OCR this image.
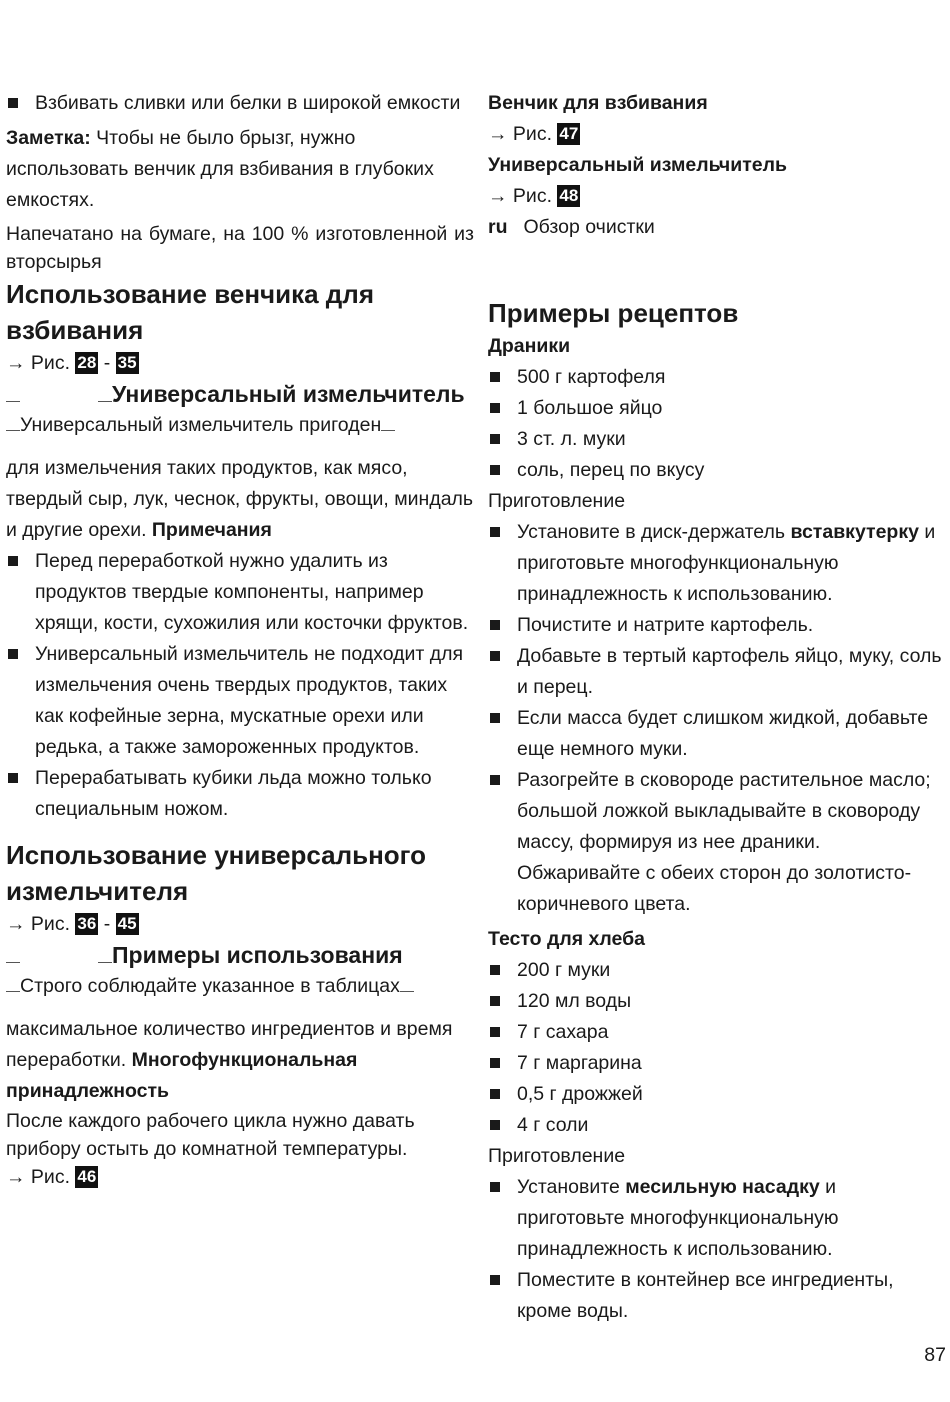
Взбивать сливки или белки в широкой емкости

Заметка: Чтобы не было брызг, нужно использовать венчик для взбивания в глубоких емкостях.

Напечатано на бумаге, на 100 % изготовленной из вторсырья

Использование венчика для взбивания

→ Рис. 28 - 35

Универсальный измельчитель

Универсальный измельчитель пригоден

для измельчения таких продуктов, как мясо, твердый сыр, лук, чеснок, фрукты, овощи, миндаль и другие орехи. Примечания

Перед переработкой нужно удалить из продуктов твердые компоненты, например хрящи, кости, сухожилия или косточки фруктов.
Универсальный измельчитель не подходит для измельчения очень твердых продуктов, таких как кофейные зерна, мускатные орехи или редька, а также замороженных продуктов.
Перерабатывать кубики льда можно только специальным ножом.
Использование универсального измельчителя

→ Рис. 36 - 45

Примеры использования

Строго соблюдайте указанное в таблицах

максимальное количество ингредиентов и время переработки. Многофункциональная принадлежность

После каждого рабочего цикла нужно давать прибору остыть до комнатной температуры.

→ Рис. 46

Венчик для взбивания

→ Рис. 47

Универсальный измельчитель

→ Рис. 48

ru Обзор очистки

Примеры рецептов

Драники

500 г картофеля
1 большое яйцо
3 ст. л. муки
соль, перец по вкусу

Приготовление

Установите в диск-держатель вставкутерку и приготовьте многофункциональную принадлежность к использованию.
Почистите и натрите картофель.
Добавьте в тертый картофель яйцо, муку, соль и перец.
Если масса будет слишком жидкой, добавьте еще немного муки.
Разогрейте в сковороде растительное масло; большой ложкой выкладывайте в сковороду массу, формируя из нее драники. Обжаривайте с обеих сторон до золотисто-коричневого цвета.

Тесто для хлеба

200 г муки
120 мл воды
7 г сахара
7 г маргарина
0,5 г дрожжей
4 г соли

Приготовление

Установите месильную насадку и приготовьте многофункциональную принадлежность к использованию.
Поместите в контейнер все ингредиенты, кроме воды.
87
